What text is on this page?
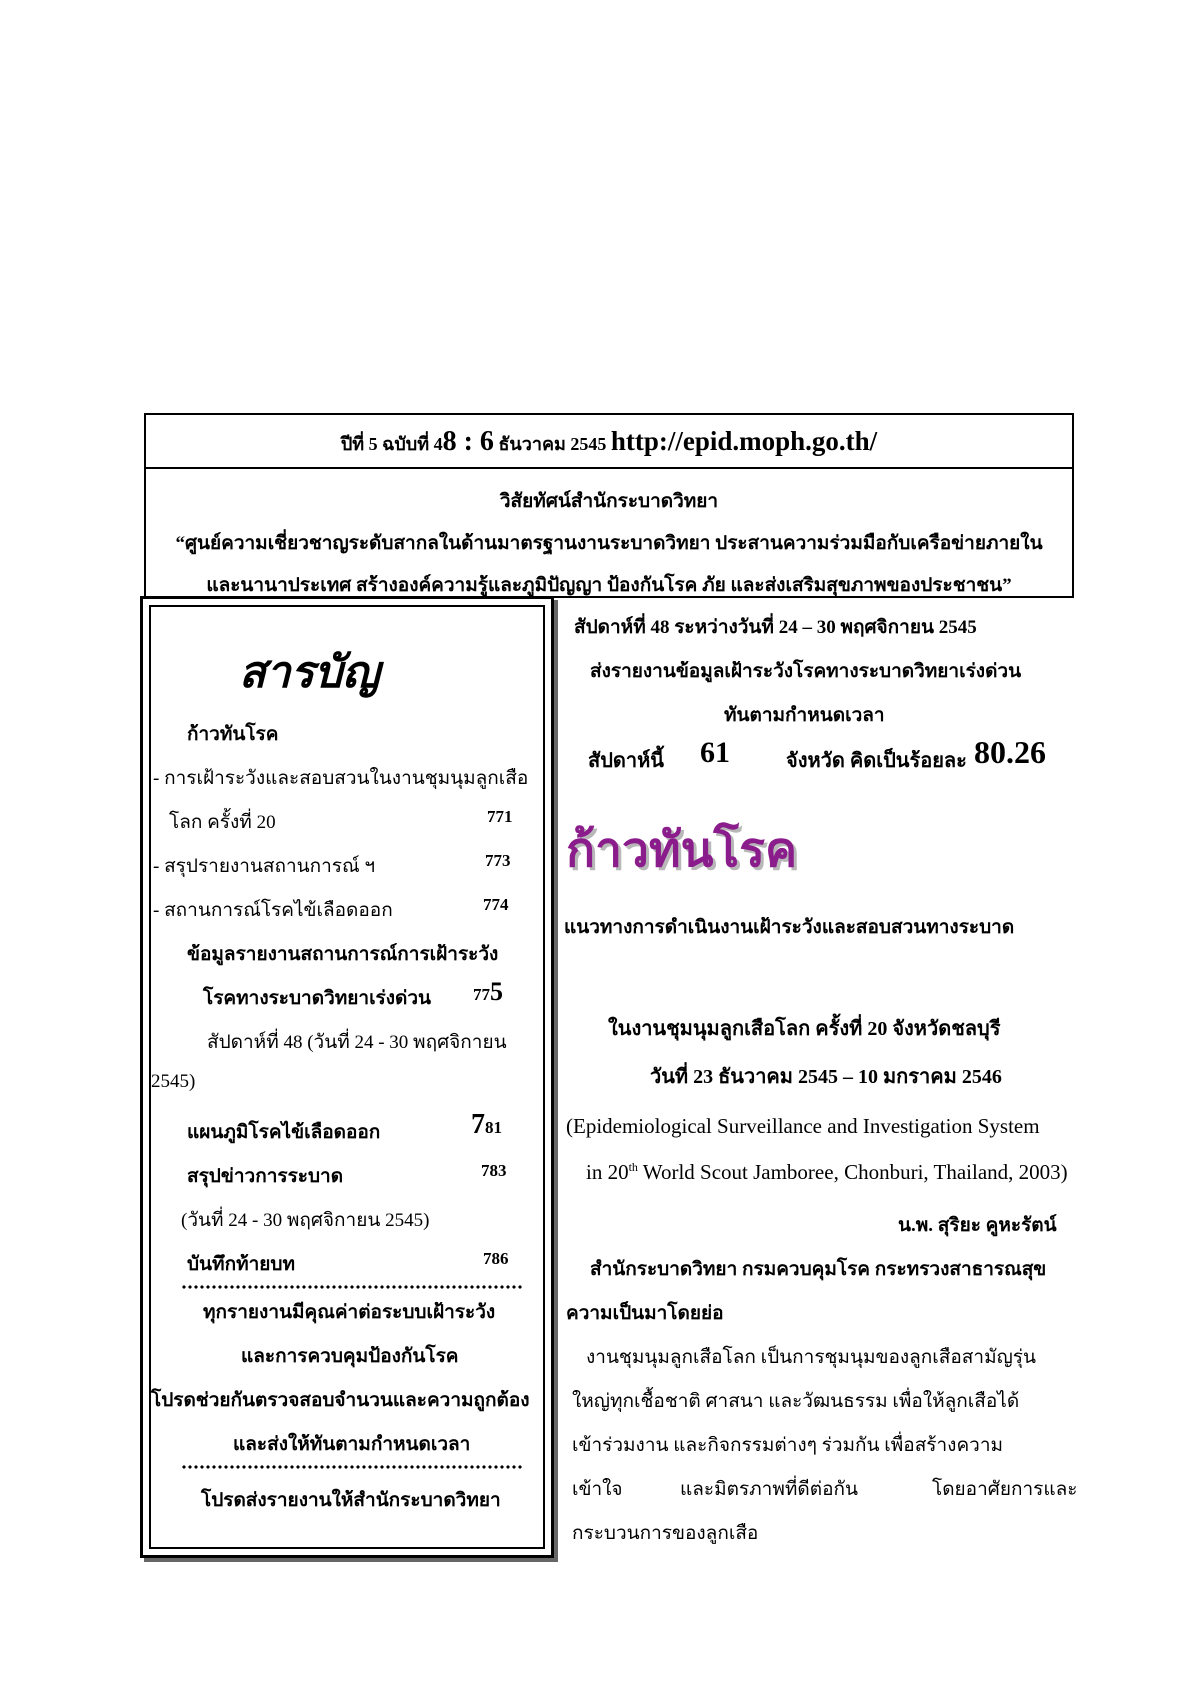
ปีที่ 5 ฉบับที่ 48 : 6 ธันวาคม 2545 http://epid.moph.go.th/
วิสัยทัศน์สำนักระบาดวิทยา
“ศูนย์ความเชี่ยวชาญระดับสากลในด้านมาตรฐานงานระบาดวิทยา ประสานความร่วมมือกับเครือข่ายภายใน
และนานาประเทศ สร้างองค์ความรู้และภูมิปัญญา ป้องกันโรค ภัย และส่งเสริมสุขภาพของประชาชน”
สารบัญ
ก้าวทันโรค
- การเฝ้าระวังและสอบสวนในงานชุมนุมลูกเสือ
โลก ครั้งที่ 20	771
- สรุปรายงานสถานการณ์ ฯ	773
- สถานการณ์โรคไข้เลือดออก	774
ข้อมูลรายงานสถานการณ์การเฝ้าระวัง
โรคทางระบาดวิทยาเร่งด่วน 775
สัปดาห์ที่ 48 (วันที่ 24 - 30 พฤศจิกายน
2545)
แผนภูมิโรคไข้เลือดออก	781
สรุปข่าวการระบาด	783
(วันที่ 24 - 30 พฤศจิกายน 2545)
บันทึกท้ายบท	786
ทุกรายงานมีคุณค่าต่อระบบเฝ้าระวัง
และการควบคุมป้องกันโรค
โปรดช่วยกันตรวจสอบจำนวนและความถูกต้อง
และส่งให้ทันตามกำหนดเวลา
โปรดส่งรายงานให้สำนักระบาดวิทยา
สัปดาห์ที่ 48 ระหว่างวันที่ 24 – 30 พฤศจิกายน 2545
ส่งรายงานข้อมูลเฝ้าระวังโรคทางระบาดวิทยาเร่งด่วน
ทันตามกำหนดเวลา
สัปดาห์นี้ 61	จังหวัด คิดเป็นร้อยละ 80.26
ก้าวทันโรค
แนวทางการดำเนินงานเฝ้าระวังและสอบสวนทางระบาด
ในงานชุมนุมลูกเสือโลก ครั้งที่ 20 จังหวัดชลบุรี
วันที่ 23 ธันวาคม 2545 – 10 มกราคม 2546
(Epidemiological Surveillance and Investigation System
in 20th World Scout Jamboree, Chonburi, Thailand, 2003)
น.พ. สุริยะ คูหะรัตน์
สำนักระบาดวิทยา กรมควบคุมโรค กระทรวงสาธารณสุข
ความเป็นมาโดยย่อ
งานชุมนุมลูกเสือโลก เป็นการชุมนุมของลูกเสือสามัญรุ่น
ใหญ่ทุกเชื้อชาติ ศาสนา และวัฒนธรรม เพื่อให้ลูกเสือได้
เข้าร่วมงาน และกิจกรรมต่างๆ ร่วมกัน เพื่อสร้างความ
เข้าใจ	และมิตรภาพที่ดีต่อกัน	โดยอาศัยการและ
กระบวนการของลูกเสือ
